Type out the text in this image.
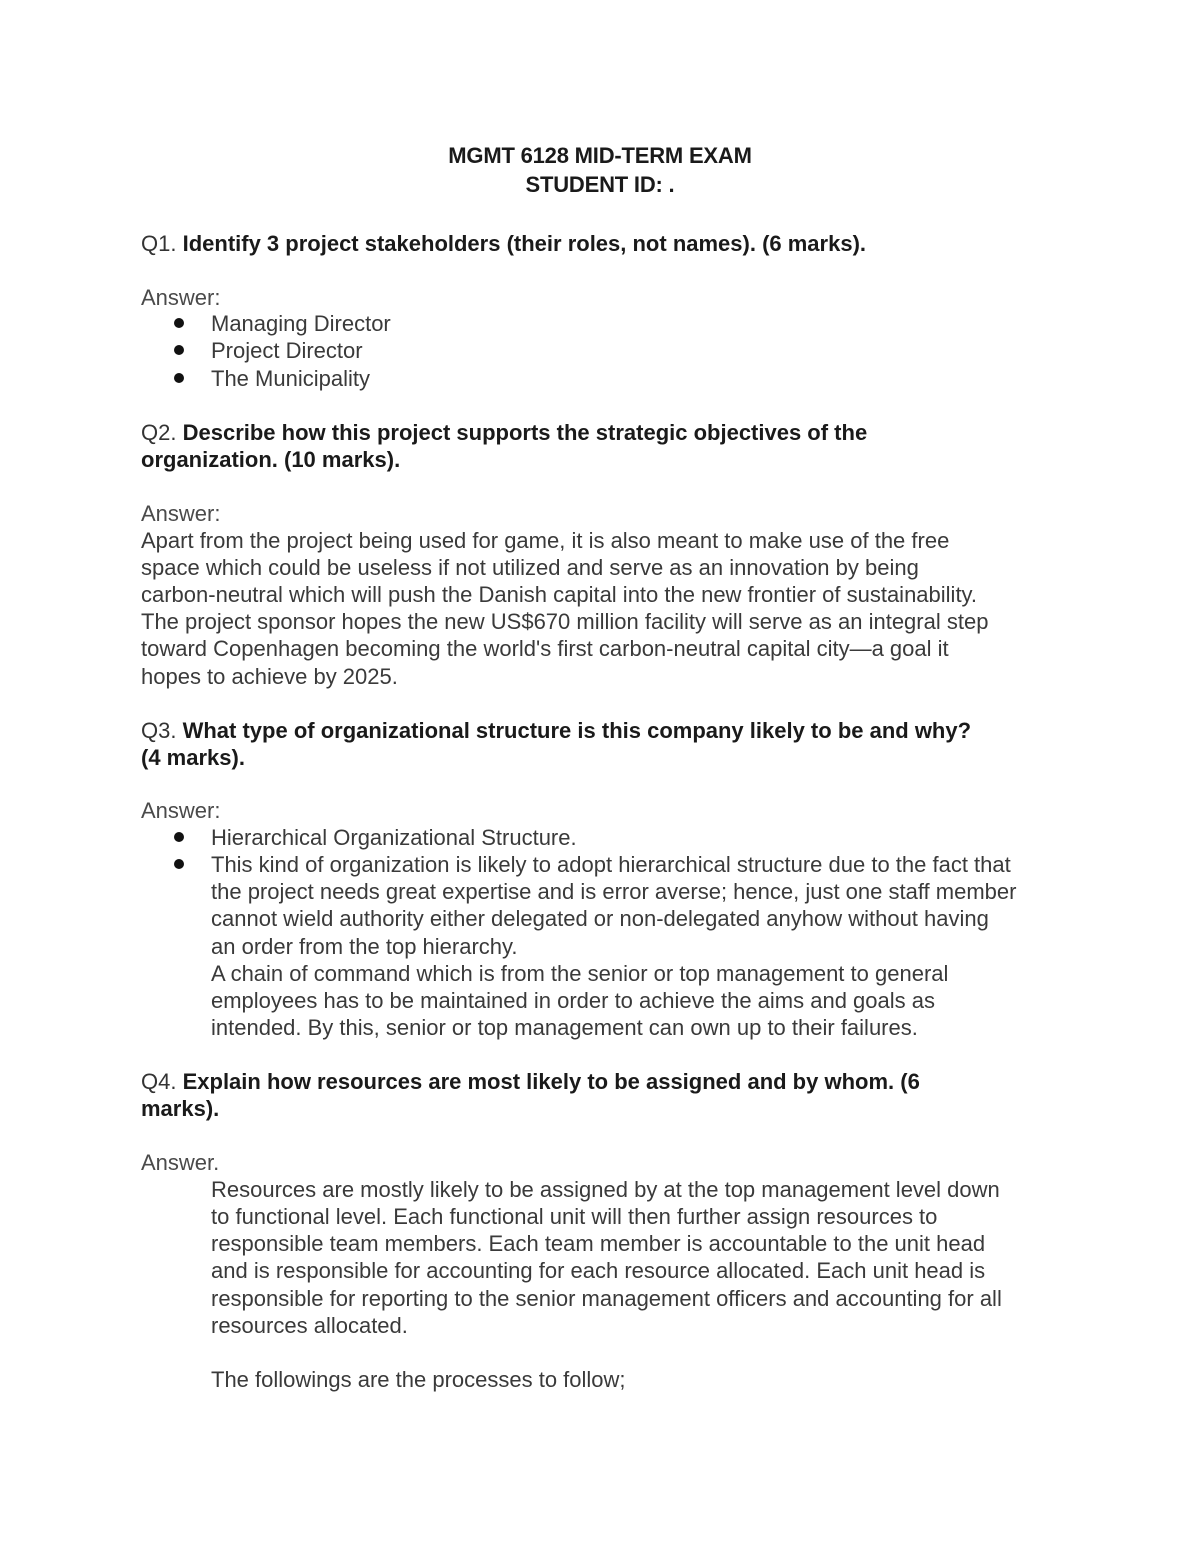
MGMT 6128 MID-TERM EXAM
STUDENT ID: .
Q1. Identify 3 project stakeholders (their roles, not names). (6 marks).
Answer:
Managing Director
Project Director
The Municipality
Q2. Describe how this project supports the strategic objectives of the
organization. (10 marks).
Answer:
Apart from the project being used for game, it is also meant to make use of the free
space which could be useless if not utilized and serve as an innovation by being
carbon-neutral which will push the Danish capital into the new frontier of sustainability.
The project sponsor hopes the new US$670 million facility will serve as an integral step
toward Copenhagen becoming the world's first carbon-neutral capital city—a goal it
hopes to achieve by 2025.
Q3. What type of organizational structure is this company likely to be and why?
(4 marks).
Answer:
Hierarchical Organizational Structure.
This kind of organization is likely to adopt hierarchical structure due to the fact that
the project needs great expertise and is error averse; hence, just one staff member
cannot wield authority either delegated or non-delegated anyhow without having
an order from the top hierarchy.
A chain of command which is from the senior or top management to general
employees has to be maintained in order to achieve the aims and goals as
intended. By this, senior or top management can own up to their failures.
Q4. Explain how resources are most likely to be assigned and by whom. (6
marks).
Answer.
Resources are mostly likely to be assigned by at the top management level down
to functional level. Each functional unit will then further assign resources to
responsible team members. Each team member is accountable to the unit head
and is responsible for accounting for each resource allocated. Each unit head is
responsible for reporting to the senior management officers and accounting for all
resources allocated.
The followings are the processes to follow;
